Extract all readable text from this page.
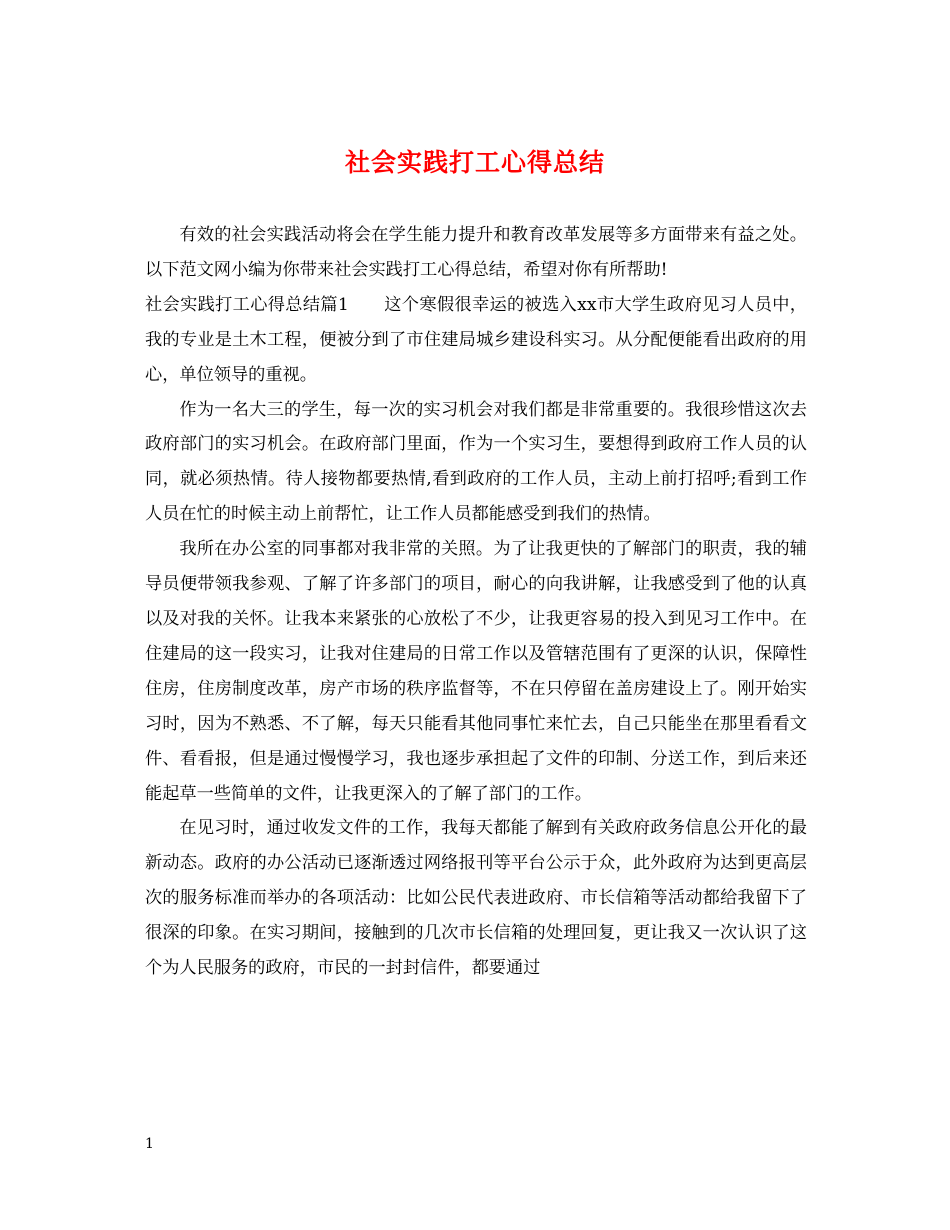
社会实践打工心得总结

有效的社会实践活动将会在学生能力提升和教育改革发展等多方面带来有益之处。以下范文网小编为你带来社会实践打工心得总结，希望对你有所帮助!

社会实践打工心得总结篇1　　这个寒假很幸运的被选入xx市大学生政府见习人员中，我的专业是土木工程，便被分到了市住建局城乡建设科实习。从分配便能看出政府的用心，单位领导的重视。

作为一名大三的学生，每一次的实习机会对我们都是非常重要的。我很珍惜这次去政府部门的实习机会。在政府部门里面，作为一个实习生，要想得到政府工作人员的认同，就必须热情。待人接物都要热情,看到政府的工作人员，主动上前打招呼;看到工作人员在忙的时候主动上前帮忙，让工作人员都能感受到我们的热情。

我所在办公室的同事都对我非常的关照。为了让我更快的了解部门的职责，我的辅导员便带领我参观、了解了许多部门的项目，耐心的向我讲解，让我感受到了他的认真以及对我的关怀。让我本来紧张的心放松了不少，让我更容易的投入到见习工作中。在住建局的这一段实习，让我对住建局的日常工作以及管辖范围有了更深的认识，保障性住房，住房制度改革，房产市场的秩序监督等，不在只停留在盖房建设上了。刚开始实习时，因为不熟悉、不了解，每天只能看其他同事忙来忙去，自己只能坐在那里看看文件、看看报，但是通过慢慢学习，我也逐步承担起了文件的印制、分送工作，到后来还能起草一些简单的文件，让我更深入的了解了部门的工作。

在见习时，通过收发文件的工作，我每天都能了解到有关政府政务信息公开化的最新动态。政府的办公活动已逐渐透过网络报刊等平台公示于众，此外政府为达到更高层次的服务标准而举办的各项活动：比如公民代表进政府、市长信箱等活动都给我留下了很深的印象。在实习期间，接触到的几次市长信箱的处理回复，更让我又一次认识了这个为人民服务的政府，市民的一封封信件，都要通过

1
